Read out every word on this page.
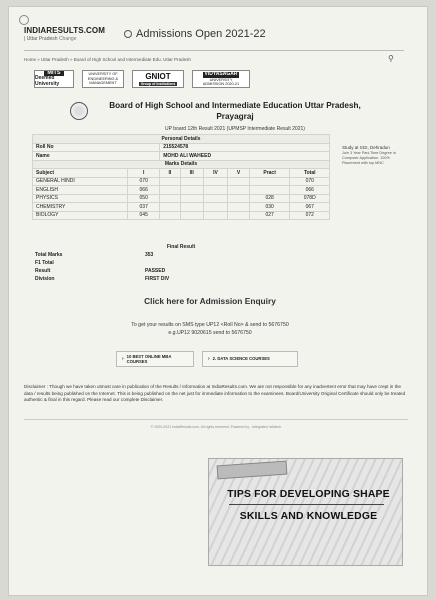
INDIARESULTS.COM
| Uttar Pradesh Change	Admissions Open 2021-22
Home » Uttar Pradesh » Board of High School and Intermediate Edu. Uttar Pradesh	⚲
MITS
Deemed University
UNIVERSITY OF
ENGINEERING &
MANAGEMENT
GNIOT
Group of Institutions
VIDYASAGAR
UNIVERSITY
ADMISSION 2020-21
Board of High School and Intermediate Education Uttar Pradesh,
Prayagraj
UP board 12th Result 2021 (UPMSP Intermediate Result 2021)
Study at SGI, Dehradun
Join 3 Year Part-Time Degree in Computer Application. 100% Placement with top MNC
Personal Details							
Roll No		215524578					
Name		MOHD ALI WAHEED					
Marks Details							
Subject	I	II	III	IV	V	Pract	Total
GENERAL HINDI	070						070
ENGLISH	066						066
PHYSICS	050					028	078D
CHEMISTRY	037					030	067
BIOLOGY	045					027	072
Final Result	
Total Marks	353
F1 Total	
Result	PASSED
Division	FIRST DIV
Click here for Admission Enquiry
To get your results on SMS type UP12 <Roll No> & send to 5676750
e.g.UP12 9020615 send to 5676750
› 10 BEST ONLINE MBA
COURSES	› 2. DATA SCIENCE COURSES
Disclaimer : Though we have taken utmost care in publication of the Results / Information at IndiaResults.com. We are not responsible for any inadvertent error that may have crept in the data / results being published on the Internet. This is being published on the net just for immediate information to the examinees. Board/University Original Certificate should only be treated authentic & final in this regard. Please read our complete Disclaimer.
© 2000-2021 IndiaResults.com, All rights reserved. Powered by : Integrated Infotech
TIPS FOR DEVELOPING SHAPE
SKILLS AND KNOWLEDGE
